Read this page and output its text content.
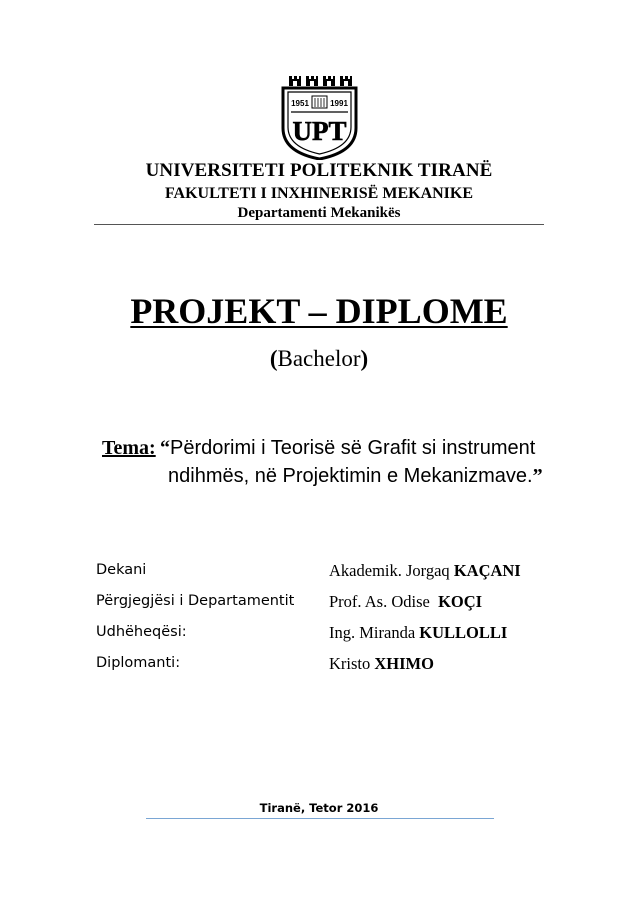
1951	1991
UPT
UNIVERSITETI POLITEKNIK TIRANË
FAKULTETI I INXHINERISË MEKANIKE
Departamenti Mekanikës
PROJEKT – DIPLOME
(Bachelor)
Tema: “Përdorimi i Teorisë së Grafit si instrument
ndihmës, në Projektimin e Mekanizmave.”
Dekani	Akademik. Jorgaq KAÇANI
Përgjegjësi i Departamentit Prof. As. Odise KOÇI
Udhëheqësi:	Ing. Miranda KULLOLLI
Diplomanti:	Kristo XHIMO
Tiranë, Tetor 2016
